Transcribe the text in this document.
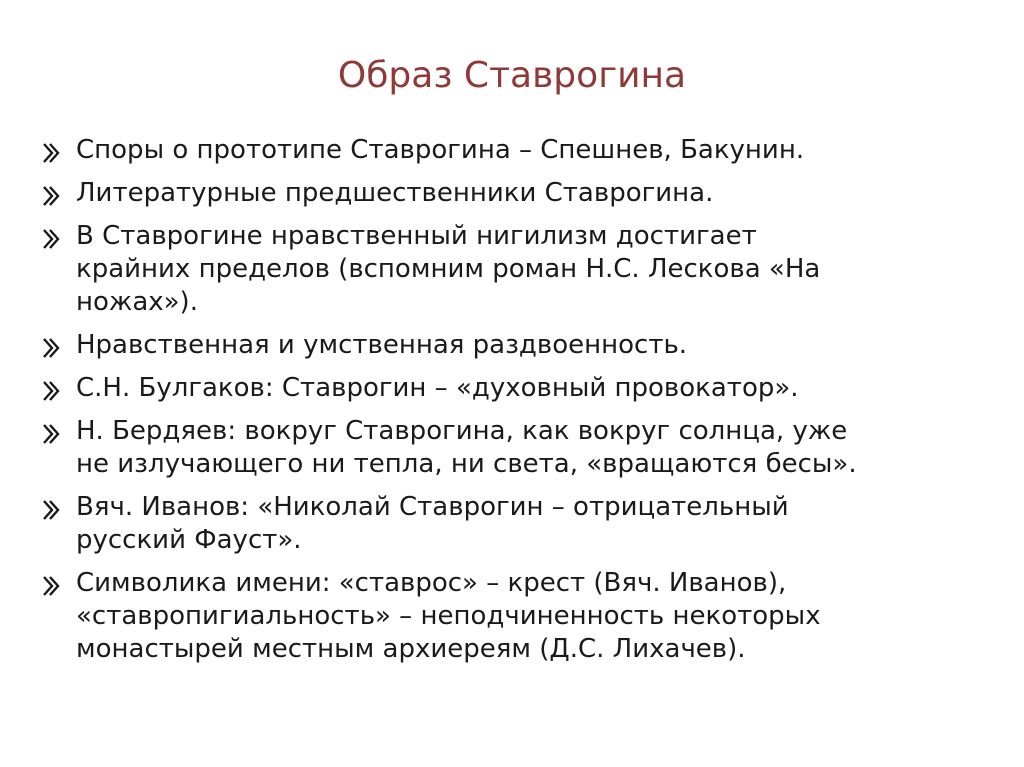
Образ Ставрогина
Споры о прототипе Ставрогина – Спешнев, Бакунин.
Литературные предшественники Ставрогина.
В Ставрогине нравственный нигилизм достигает
крайних пределов (вспомним роман Н.С. Лескова «На
ножах»).
Нравственная и умственная раздвоенность.
С.Н. Булгаков: Ставрогин – «духовный провокатор».
Н. Бердяев: вокруг Ставрогина, как вокруг солнца, уже
не излучающего ни тепла, ни света, «вращаются бесы».
Вяч. Иванов: «Николай Ставрогин – отрицательный
русский Фауст».
Символика имени: «ставрос» – крест (Вяч. Иванов),
«ставропигиальность» – неподчиненность некоторых
монастырей местным архиереям (Д.С. Лихачев).
